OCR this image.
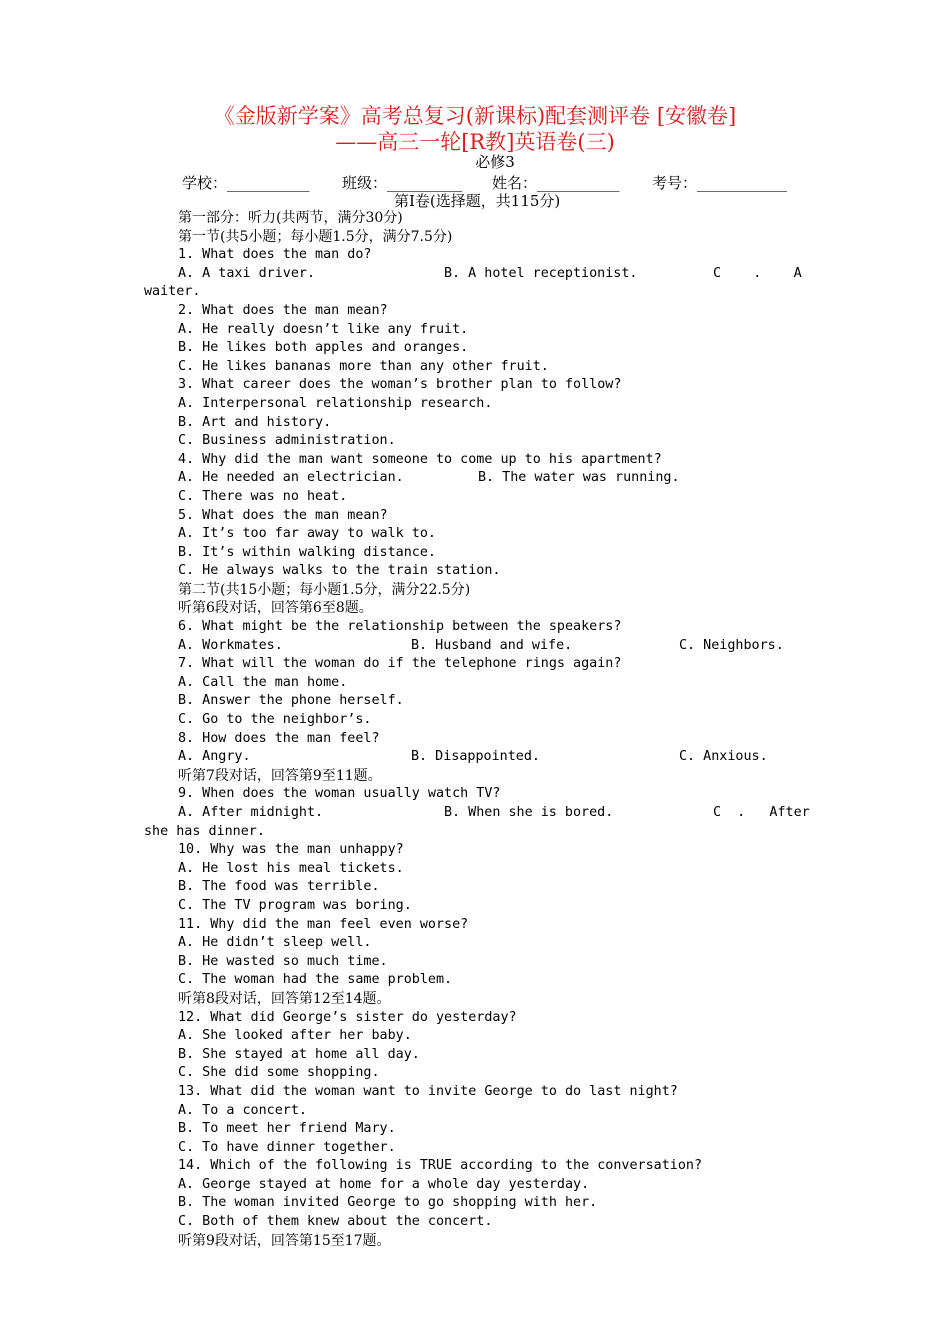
《金版新学案》高考总复习(新课标)配套测评卷 [安徽卷]
——高三一轮[R教]英语卷(三)
必修3
学校：___________ 班级：__________ 姓名：___________ 考号：____________
第Ⅰ卷(选择题，共115分)
第一部分：听力(共两节，满分30分)
第一节(共5小题；每小题1.5分，满分7.5分)
1. What does the man do?
A. A taxi driver.	B. A hotel receptionist.	C    .    A
waiter.
2. What does the man mean?
A. He really doesn’t like any fruit.
B. He likes both apples and oranges.
C. He likes bananas more than any other fruit.
3. What career does the woman’s brother plan to follow?
A. Interpersonal relationship research.
B. Art and history.
C. Business administration.
4. Why did the man want someone to come up to his apartment?
A. He needed an electrician.	B. The water was running.
C. There was no heat.
5. What does the man mean?
A. It’s too far away to walk to.
B. It’s within walking distance.
C. He always walks to the train station.
第二节(共15小题；每小题1.5分，满分22.5分)
听第6段对话，回答第6至8题。
6. What might be the relationship between the speakers?
A. Workmates.	B. Husband and wife.	C. Neighbors.
7. What will the woman do if the telephone rings again?
A. Call the man home.
B. Answer the phone herself.
C. Go to the neighbor’s.
8. How does the man feel?
A. Angry.	B. Disappointed.	C. Anxious.
听第7段对话，回答第9至11题。
9. When does the woman usually watch TV?
A. After midnight.	B. When she is bored.	C  .   After
she has dinner.
10. Why was the man unhappy?
A. He lost his meal tickets.
B. The food was terrible.
C. The TV program was boring.
11. Why did the man feel even worse?
A. He didn’t sleep well.
B. He wasted so much time.
C. The woman had the same problem.
听第8段对话，回答第12至14题。
12. What did George’s sister do yesterday?
A. She looked after her baby.
B. She stayed at home all day.
C. She did some shopping.
13. What did the woman want to invite George to do last night?
A. To a concert.
B. To meet her friend Mary.
C. To have dinner together.
14. Which of the following is TRUE according to the conversation?
A. George stayed at home for a whole day yesterday.
B. The woman invited George to go shopping with her.
C. Both of them knew about the concert.
听第9段对话，回答第15至17题。
